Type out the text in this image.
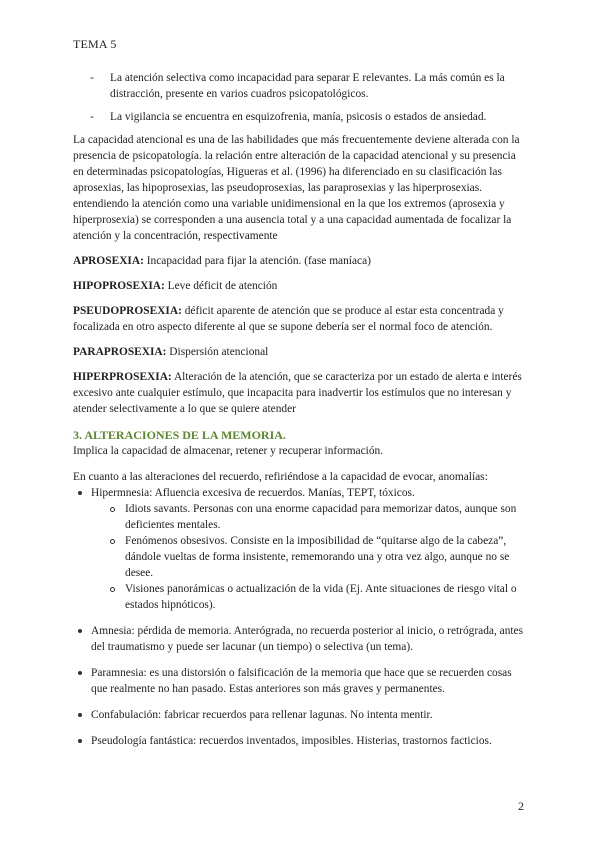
TEMA 5
- La atención selectiva como incapacidad para separar E relevantes. La más común es la distracción, presente en varios cuadros psicopatológicos.
- La vigilancia se encuentra en esquizofrenia, manía, psicosis o estados de ansiedad.

La capacidad atencional es una de las habilidades que más frecuentemente deviene alterada con la presencia de psicopatología. la relación entre alteración de la capacidad atencional y su presencia en determinadas psicopatologías, Higueras et al. (1996) ha diferenciado en su clasificación las aprosexias, las hipoprosexias, las pseudoprosexias, las paraprosexias y las hiperprosexias. entendiendo la atención como una variable unidimensional en la que los extremos (aprosexia y hiperprosexia) se corresponden a una ausencia total y a una capacidad aumentada de focalizar la atención y la concentración, respectivamente

APROSEXIA: Incapacidad para fijar la atención. (fase maníaca)

HIPOPROSEXIA: Leve déficit de atención

PSEUDOPROSEXIA: déficit aparente de atención que se produce al estar esta concentrada y focalizada en otro aspecto diferente al que se supone debería ser el normal foco de atención.

PARAPROSEXIA: Dispersión atencional

HIPERPROSEXIA: Alteración de la atención, que se caracteriza por un estado de alerta e interés excesivo ante cualquier estímulo, que incapacita para inadvertir los estímulos que no interesan y atender selectivamente a lo que se quiere atender

3. ALTERACIONES DE LA MEMORIA.

Implica la capacidad de almacenar, retener y recuperar información.

En cuanto a las alteraciones del recuerdo, refiriéndose a la capacidad de evocar, anomalías:

Hipermnesia: Afluencia excesiva de recuerdos. Manías, TEPT, tóxicos.
Idiots savants. Personas con una enorme capacidad para memorizar datos, aunque son deficientes mentales.
Fenómenos obsesivos. Consiste en la imposibilidad de “quitarse algo de la cabeza”, dándole vueltas de forma insistente, rememorando una y otra vez algo, aunque no se desee.
Visiones panorámicas o actualización de la vida (Ej. Ante situaciones de riesgo vital o estados hipnóticos).
Amnesia: pérdida de memoria. Anterógrada, no recuerda posterior al inicio, o retrógrada, antes del traumatismo y puede ser lacunar (un tiempo) o selectiva (un tema).
Paramnesia: es una distorsión o falsificación de la memoria que hace que se recuerden cosas que realmente no han pasado. Estas anteriores son más graves y permanentes.
Confabulación: fabricar recuerdos para rellenar lagunas. No intenta mentir.
Pseudología fantástica: recuerdos inventados, imposibles. Histerias, trastornos facticios.
2
